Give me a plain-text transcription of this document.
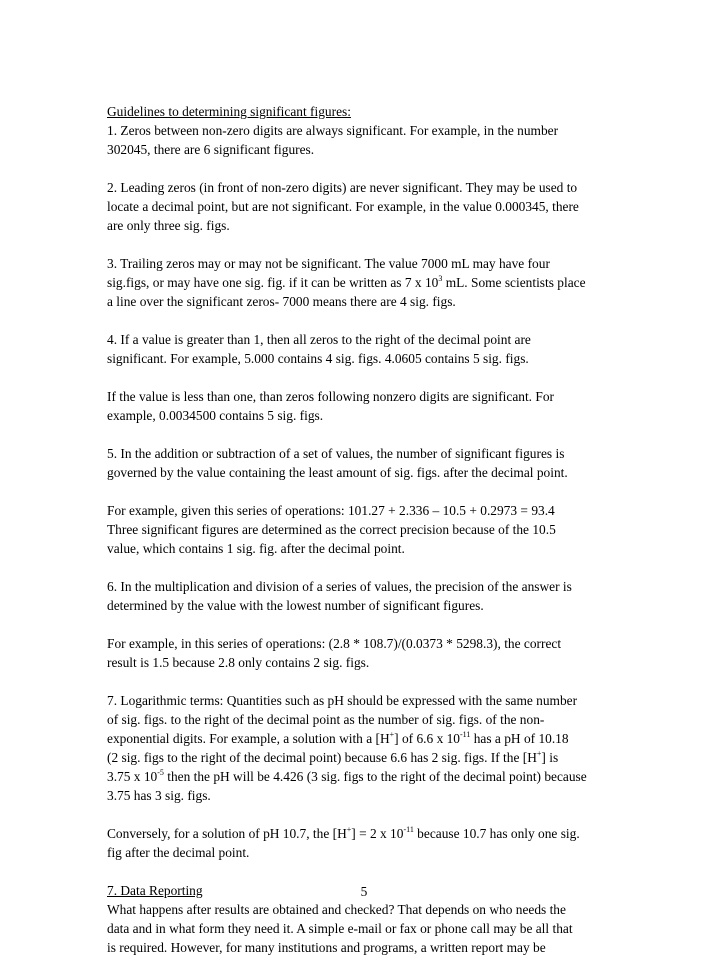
Guidelines to determining significant figures:
1. Zeros between non-zero digits are always significant. For example, in the number
302045, there are 6 significant figures.
2. Leading zeros (in front of non-zero digits) are never significant. They may be used to
locate a decimal point, but are not significant. For example, in the value 0.000345, there
are only three sig. figs.
3. Trailing zeros may or may not be significant. The value 7000 mL may have four
sig.figs, or may have one sig. fig. if it can be written as 7 x $10^3$ mL. Some scientists place
a line over the significant zeros- 7000 means there are 4 sig. figs.
4. If a value is greater than 1, then all zeros to the right of the decimal point are
significant. For example, 5.000 contains 4 sig. figs. 4.0605 contains 5 sig. figs.
If the value is less than one, than zeros following nonzero digits are significant. For
example, 0.0034500 contains 5 sig. figs.
5. In the addition or subtraction of a set of values, the number of significant figures is
governed by the value containing the least amount of sig. figs. after the decimal point.
For example, given this series of operations: 101.27 + 2.336 – 10.5 + 0.2973 = 93.4
Three significant figures are determined as the correct precision because of the 10.5
value, which contains 1 sig. fig. after the decimal point.
6. In the multiplication and division of a series of values, the precision of the answer is
determined by the value with the lowest number of significant figures.
For example, in this series of operations: (2.8 * 108.7)/(0.0373 * 5298.3), the correct
result is 1.5 because 2.8 only contains 2 sig. figs.
7. Logarithmic terms: Quantities such as pH should be expressed with the same number
of sig. figs. to the right of the decimal point as the number of sig. figs. of the non-
exponential digits. For example, a solution with a [H+] of 6.6 x $10^{-11}$ has a pH of 10.18
(2 sig. figs to the right of the decimal point) because 6.6 has 2 sig. figs. If the [H+] is
3.75 x $10^{-5}$ then the pH will be 4.426 (3 sig. figs to the right of the decimal point) because
3.75 has 3 sig. figs.
Conversely, for a solution of pH 10.7, the [H+] = 2 x $10^{-11}$ because 10.7 has only one sig.
fig after the decimal point.
7. Data Reporting
What happens after results are obtained and checked? That depends on who needs the
data and in what form they need it. A simple e-mail or fax or phone call may be all that
is required. However, for many institutions and programs, a written report may be
5
